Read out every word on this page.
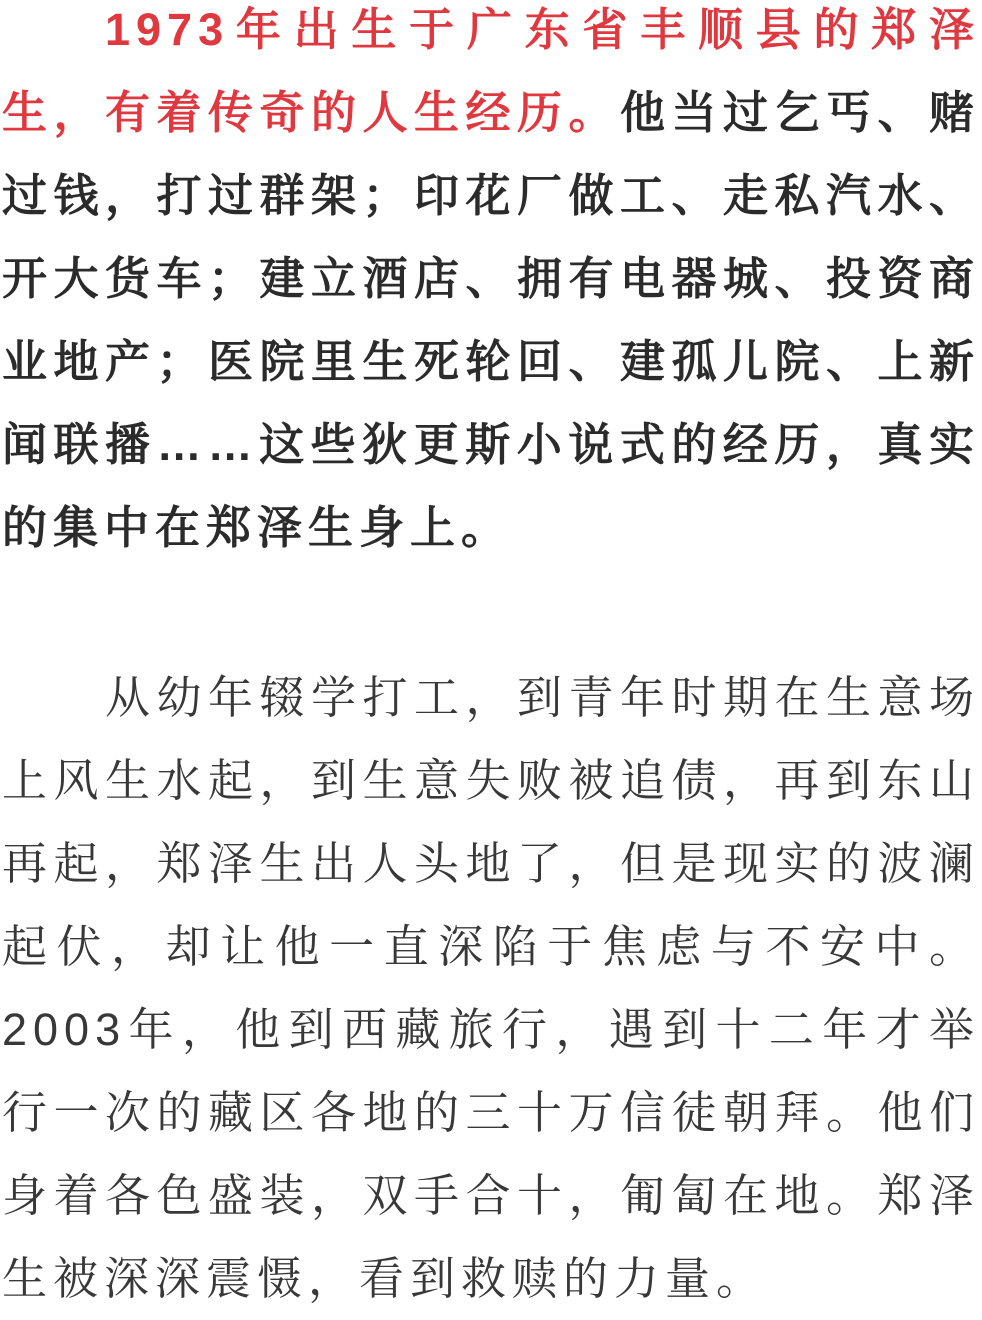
1973年出生于广东省丰顺县的郑泽
生，有着传奇的人生经历。他当过乞丐、赌
过钱，打过群架；印花厂做工、走私汽水、
开大货车；建立酒店、拥有电器城、投资商
业地产；医院里生死轮回、建孤儿院、上新
闻联播……这些狄更斯小说式的经历，真实
的集中在郑泽生身上。
从幼年辍学打工，到青年时期在生意场
上风生水起，到生意失败被追债，再到东山
再起，郑泽生出人头地了，但是现实的波澜
起伏，却让他一直深陷于焦虑与不安中。
2003年，他到西藏旅行，遇到十二年才举
行一次的藏区各地的三十万信徒朝拜。他们
身着各色盛装，双手合十，匍匐在地。郑泽
生被深深震慑，看到救赎的力量。
